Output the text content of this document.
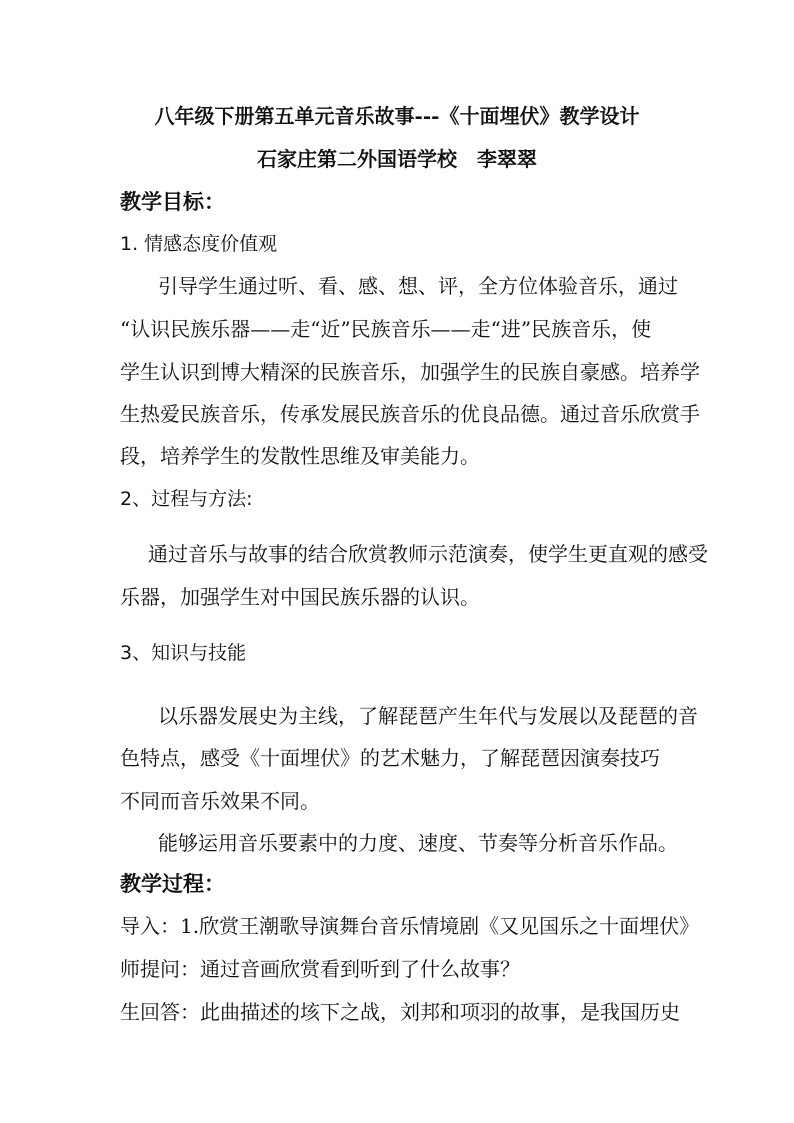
八年级下册第五单元音乐故事---《十面埋伏》教学设计
石家庄第二外国语学校　李翠翠
教学目标：
1. 情感态度价值观
引导学生通过听、看、感、想、评，全方位体验音乐，通过
“认识民族乐器——走“近”民族音乐——走“进”民族音乐，使
学生认识到博大精深的民族音乐，加强学生的民族自豪感。培养学
生热爱民族音乐，传承发展民族音乐的优良品德。通过音乐欣赏手
段，培养学生的发散性思维及审美能力。
2、过程与方法:
通过音乐与故事的结合欣赏教师示范演奏，使学生更直观的感受
乐器，加强学生对中国民族乐器的认识。
3、知识与技能
以乐器发展史为主线，了解琵琶产生年代与发展以及琵琶的音
色特点，感受《十面埋伏》的艺术魅力，了解琵琶因演奏技巧
不同而音乐效果不同。
能够运用音乐要素中的力度、速度、节奏等分析音乐作品。
教学过程：
导入：1.欣赏王潮歌导演舞台音乐情境剧《又见国乐之十面埋伏》
师提问：通过音画欣赏看到听到了什么故事？
生回答：此曲描述的垓下之战，刘邦和项羽的故事，是我国历史
